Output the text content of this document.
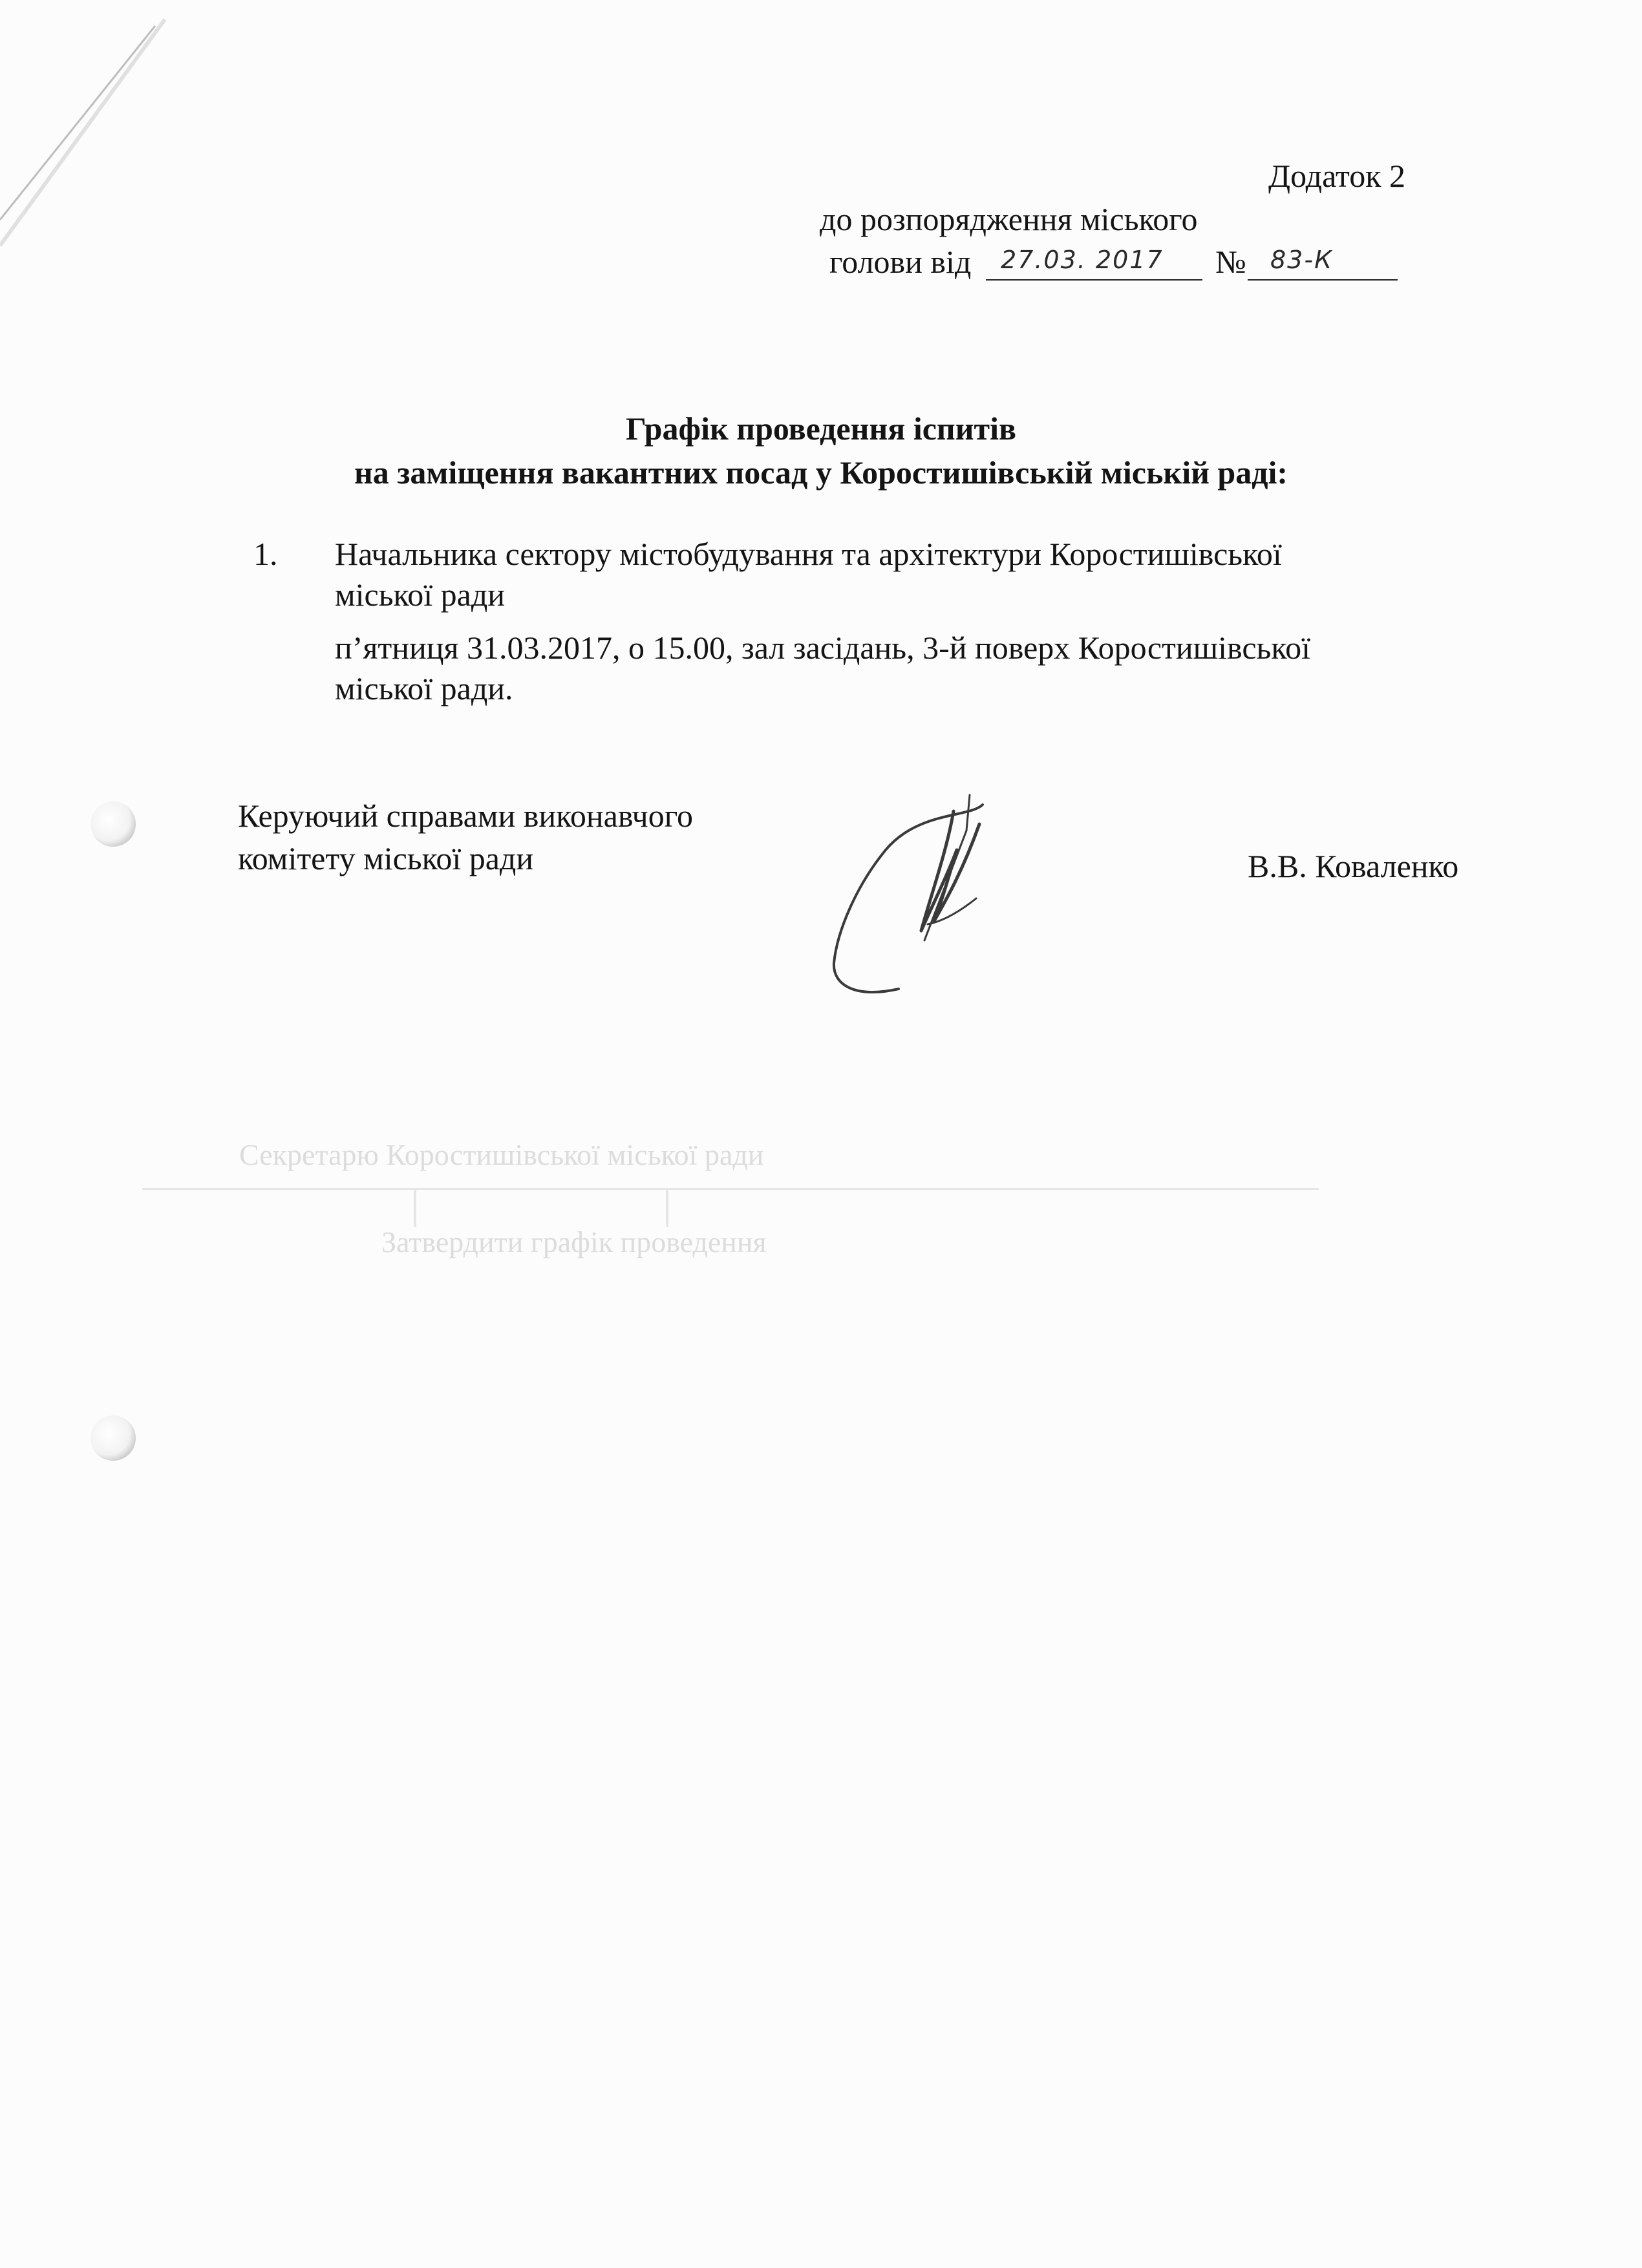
Секретарю Коростишівської міської ради
Затвердити графік проведення
Додаток 2
до розпорядження міського
голови від 27.03. 2017 № 83-К
Графік проведення іспитів
на заміщення вакантних посад у Коростишівській міській раді:
1. Начальника сектору містобудування та архітектури Коростишівської
міської ради
п’ятниця 31.03.2017, о 15.00, зал засідань, 3-й поверх Коростишівської
міської ради.
Керуючий справами виконавчого
комітету міської ради	В.В. Коваленко
